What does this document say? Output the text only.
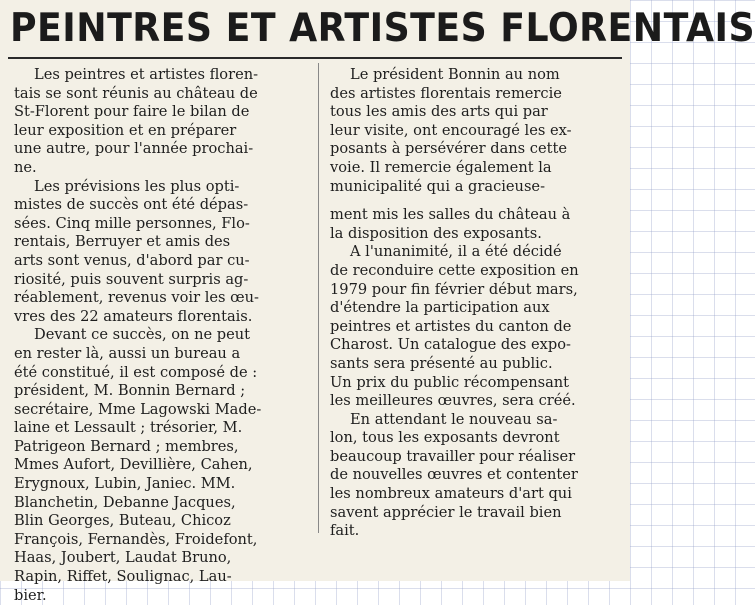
PEINTRES ET ARTISTES FLORENTAIS
Les peintres et artistes floren-
tais se sont réunis au château de
St-Florent pour faire le bilan de
leur exposition et en préparer
une autre, pour l'année prochai-
ne.
Les prévisions les plus opti-
mistes de succès ont été dépas-
sées. Cinq mille personnes, Flo-
rentais, Berruyer et amis des
arts sont venus, d'abord par cu-
riosité, puis souvent surpris ag-
réablement, revenus voir les œu-
vres des 22 amateurs florentais.
Devant ce succès, on ne peut
en rester là, aussi un bureau a
été constitué, il est composé de :
président, M. Bonnin Bernard ;
secrétaire, Mme Lagowski Made-
laine et Lessault ; trésorier, M.
Patrigeon Bernard ; membres,
Mmes Aufort, Devillière, Cahen,
Erygnoux, Lubin, Janiec. MM.
Blanchetin, Debanne Jacques,
Blin Georges, Buteau, Chicoz
François, Fernandès, Froidefont,
Haas, Joubert, Laudat Bruno,
Rapin, Riffet, Soulignac, Lau-
bier.
Le président Bonnin au nom
des artistes florentais remercie
tous les amis des arts qui par
leur visite, ont encouragé les ex-
posants à persévérer dans cette
voie. Il remercie également la
municipalité qui a gracieuse-
ment mis les salles du château à
la disposition des exposants.
A l'unanimité, il a été décidé
de reconduire cette exposition en
1979 pour fin février début mars,
d'étendre la participation aux
peintres et artistes du canton de
Charost. Un catalogue des expo-
sants sera présenté au public.
Un prix du public récompensant
les meilleures œuvres, sera créé.
En attendant le nouveau sa-
lon, tous les exposants devront
beaucoup travailler pour réaliser
de nouvelles œuvres et contenter
les nombreux amateurs d'art qui
savent apprécier le travail bien
fait.
